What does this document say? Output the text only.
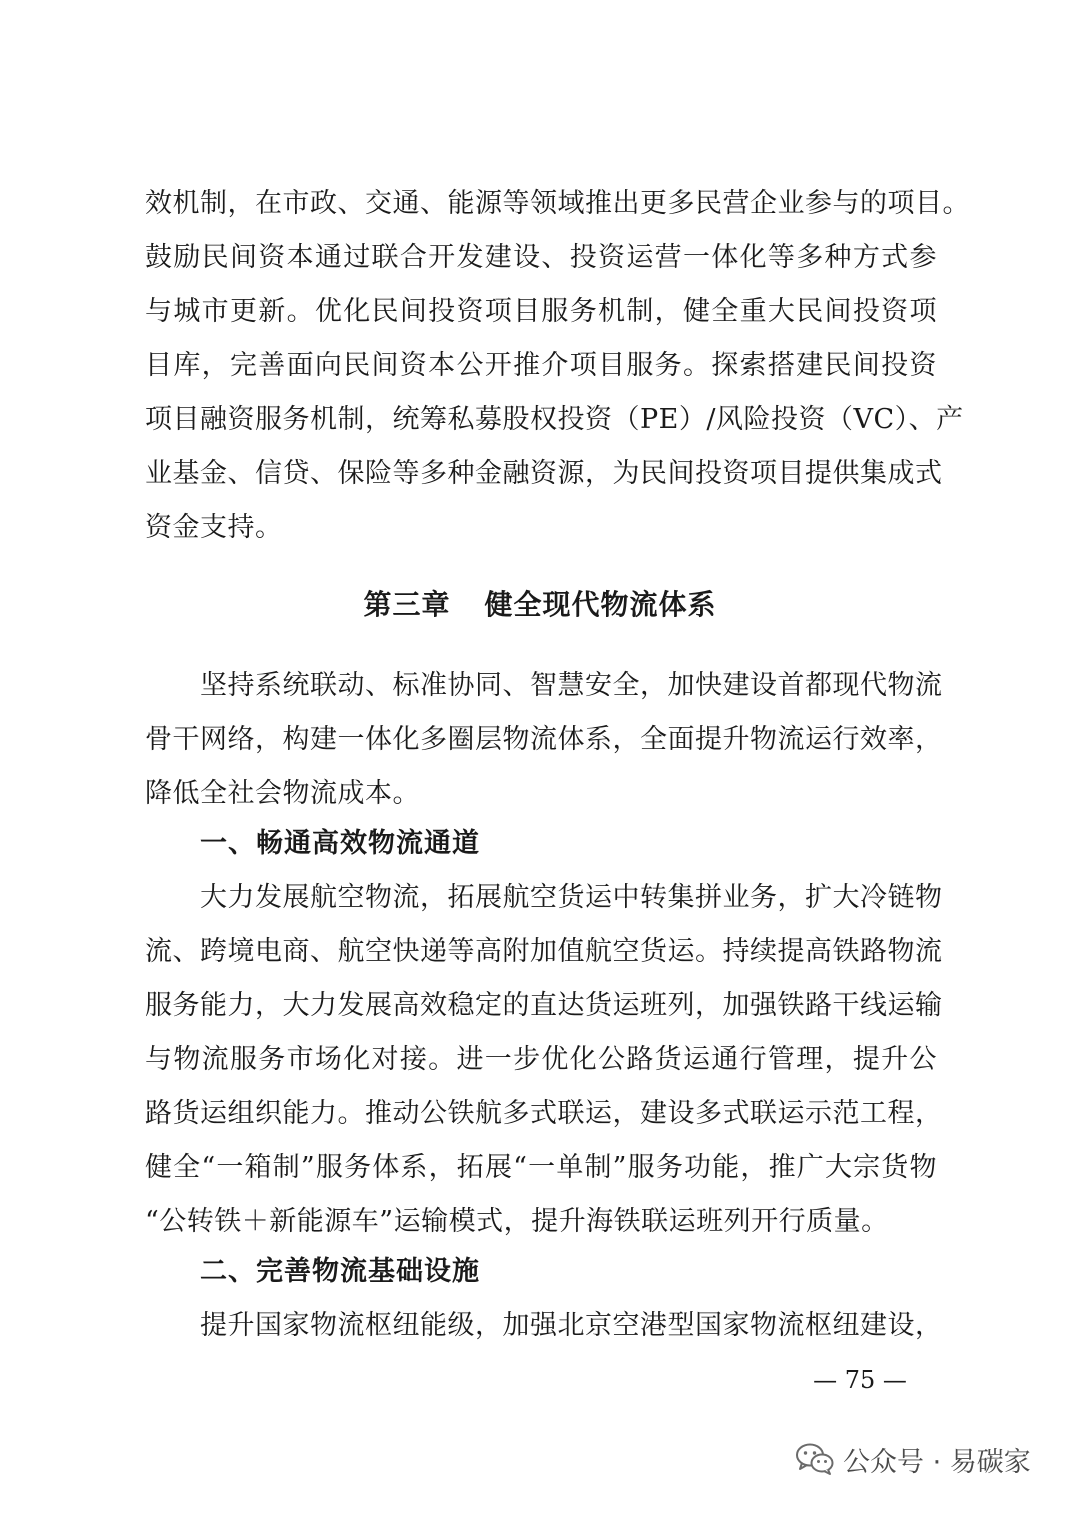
效机制，在市政、交通、能源等领域推出更多民营企业参与的项目。
鼓励民间资本通过联合开发建设、投资运营一体化等多种方式参
与城市更新。优化民间投资项目服务机制，健全重大民间投资项
目库，完善面向民间资本公开推介项目服务。探索搭建民间投资
项目融资服务机制，统筹私募股权投资（PE）/风险投资（VC）、产
业基金、信贷、保险等多种金融资源，为民间投资项目提供集成式
资金支持。
第三章 健全现代物流体系
坚持系统联动、标准协同、智慧安全，加快建设首都现代物流
骨干网络，构建一体化多圈层物流体系，全面提升物流运行效率，
降低全社会物流成本。
一、畅通高效物流通道
大力发展航空物流，拓展航空货运中转集拼业务，扩大冷链物
流、跨境电商、航空快递等高附加值航空货运。持续提高铁路物流
服务能力，大力发展高效稳定的直达货运班列，加强铁路干线运输
与物流服务市场化对接。进一步优化公路货运通行管理，提升公
路货运组织能力。推动公铁航多式联运，建设多式联运示范工程，
健全“一箱制”服务体系，拓展“一单制”服务功能，推广大宗货物
“公转铁＋新能源车”运输模式，提升海铁联运班列开行质量。
二、完善物流基础设施
提升国家物流枢纽能级，加强北京空港型国家物流枢纽建设，
— 75 —
公众号 · 易碳家
